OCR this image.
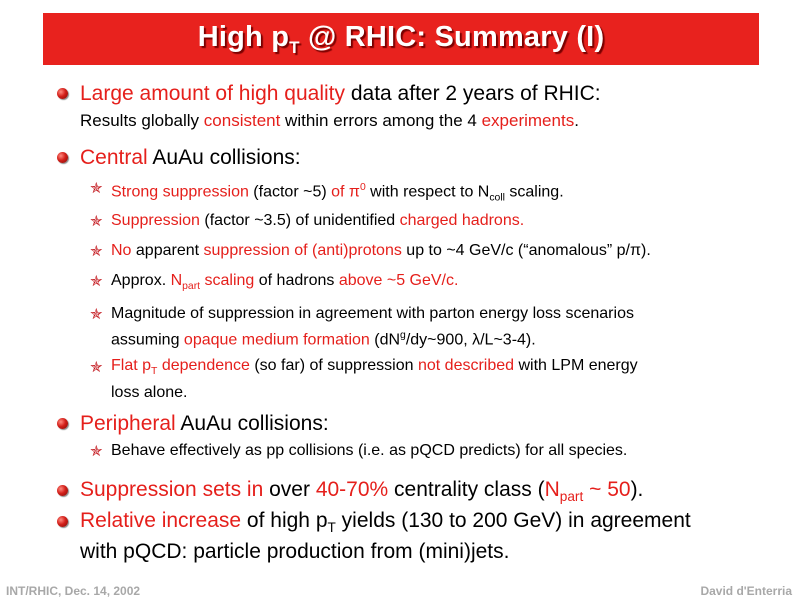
High $p_T$ @ RHIC: Summary (I)
Large amount of high quality data after 2 years of RHIC:
Results globally consistent within errors among the 4 experiments.
Central AuAu collisions:
✯ Strong suppression (factor ~5) of $\pi^0$ with respect to $N_{coll}$ scaling.
✯ Suppression (factor ~3.5) of unidentified charged hadrons.
✯ No apparent suppression of (anti)protons up to ~4 GeV/c (“anomalous” p/π).
✯ Approx. $N_{part}$ scaling of hadrons above ~5 GeV/c.
✯ Magnitude of suppression in agreement with parton energy loss scenarios
assuming opaque medium formation ($dN^g/dy\sim 900$, λ/L~3-4).
✯ Flat $p_T$ dependence (so far) of suppression not described with LPM energy
loss alone.
Peripheral AuAu collisions:
✯ Behave effectively as pp collisions (i.e. as pQCD predicts) for all species.
Suppression sets in over 40-70% centrality class ($N_{part}$ ~ 50).
Relative increase of high $p_T$ yields (130 to 200 GeV) in agreement
with pQCD: particle production from (mini)jets.
INT/RHIC, Dec. 14, 2002	David d'Enterria
